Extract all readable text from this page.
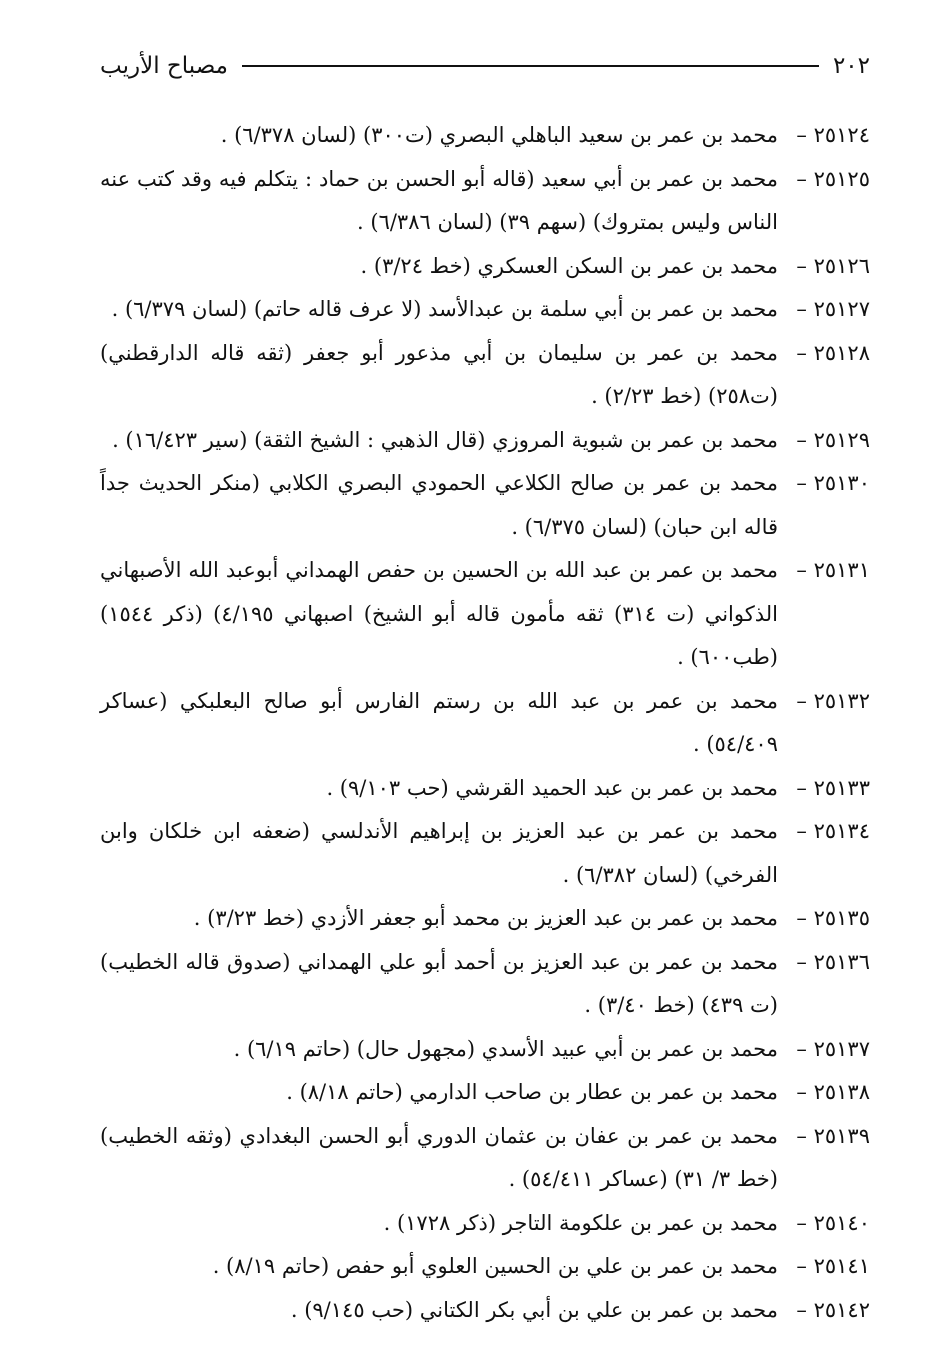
٢٠٢
مصباح الأريب
٢٥١٢٤ –
محمد بن عمر بن سعيد الباهلي البصري (ت٣٠٠) (لسان ٦/٣٧٨) .
٢٥١٢٥ –
محمد بن عمر بن أبي سعيد (قاله أبو الحسن بن حماد : يتكلم فيه وقد كتب عنه الناس وليس بمتروك) (سهم ٣٩) (لسان ٦/٣٨٦) .
٢٥١٢٦ –
محمد بن عمر بن السكن العسكري (خط ٣/٢٤) .
٢٥١٢٧ –
محمد بن عمر بن أبي سلمة بن عبدالأسد (لا عرف قاله حاتم) (لسان ٦/٣٧٩) .
٢٥١٢٨ –
محمد بن عمر بن سليمان بن أبي مذعور أبو جعفر (ثقه قاله الدارقطني) (ت٢٥٨) (خط ٢/٢٣) .
٢٥١٢٩ –
محمد بن عمر بن شبوية المروزي (قال الذهبي : الشيخ الثقة) (سير ١٦/٤٢٣) .
٢٥١٣٠ –
محمد بن عمر بن صالح الكلاعي الحمودي البصري الكلابي (منكر الحديث جداً قاله ابن حبان) (لسان ٦/٣٧٥) .
٢٥١٣١ –
محمد بن عمر بن عبد الله بن الحسين بن حفص الهمداني أبوعبد الله الأصبهاني الذكواني (ت ٣١٤) ثقه مأمون قاله أبو الشيخ) اصبهاني ٤/١٩٥) (ذكر ١٥٤٤) (طب٦٠٠) .
٢٥١٣٢ –
محمد بن عمر بن عبد الله بن رستم الفارس أبو صالح البعلبكي (عساكر ٥٤/٤٠٩) .
٢٥١٣٣ –
محمد بن عمر بن عبد الحميد القرشي (حب ٩/١٠٣) .
٢٥١٣٤ –
محمد بن عمر بن عبد العزيز بن إبراهيم الأندلسي (ضعفه ابن خلكان وابن الفرخي) (لسان ٦/٣٨٢) .
٢٥١٣٥ –
محمد بن عمر بن عبد العزيز بن محمد أبو جعفر الأزدي (خط ٣/٢٣) .
٢٥١٣٦ –
محمد بن عمر بن عبد العزيز بن أحمد أبو علي الهمداني (صدوق قاله الخطيب) (ت ٤٣٩) (خط ٣/٤٠) .
٢٥١٣٧ –
محمد بن عمر بن أبي عبيد الأسدي (مجهول حال) (حاتم ٦/١٩) .
٢٥١٣٨ –
محمد بن عمر بن عطار بن صاحب الدارمي (حاتم ٨/١٨) .
٢٥١٣٩ –
محمد بن عمر بن عفان بن عثمان الدوري أبو الحسن البغدادي (وثقه الخطيب) (خط ٣/ ٣١) (عساكر ٥٤/٤١١) .
٢٥١٤٠ –
محمد بن عمر بن علكومة التاجر (ذكر ١٧٢٨) .
٢٥١٤١ –
محمد بن عمر بن علي بن الحسين العلوي أبو حفص (حاتم ٨/١٩) .
٢٥١٤٢ –
محمد بن عمر بن علي بن أبي بكر الكتاني (حب ٩/١٤٥) .
